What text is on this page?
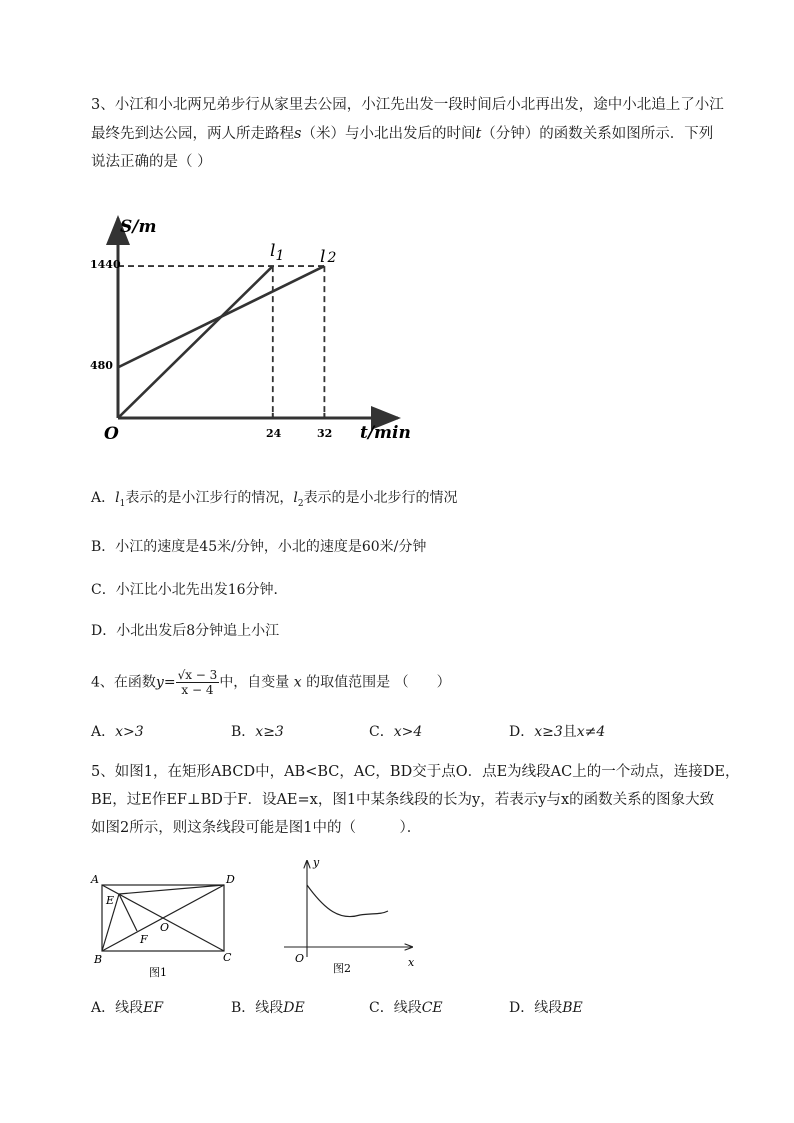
3、小江和小北两兄弟步行从家里去公园，小江先出发一段时间后小北再出发，途中小北追上了小江
最终先到达公园，两人所走路程s（米）与小北出发后的时间t（分钟）的函数关系如图所示．下列
说法正确的是（ ）
S/m
t/min
O
1440
480
24	32
$l_1$ l 2
A．$l_1$表示的是小江步行的情况，$l_2$表示的是小北步行的情况
B．小江的速度是45米/分钟，小北的速度是60米/分钟
C．小江比小北先出发16分钟．
D．小北出发后8分钟追上小江
4、在函数$y= \frac{√x - 3}{x - 4}$ 中，自变量 x 的取值范围是 （　　）
A．x>3	B．x≥3	C．x>4	D．x≥3且x≠4
5、如图1，在矩形ABCD中，AB<BC，AC，BD交于点O．点E为线段AC上的一个动点，连接DE，
BE，过E作EF⊥BD于F．设AE=x，图1中某条线段的长为y，若表示y与x的函数关系的图象大致
如图2所示，则这条线段可能是图1中的（　　　）．
A	D
B	C
E
F
O
图1
y
x
O
图2
A．线段EF	B．线段DE	C．线段CE	D．线段BE
